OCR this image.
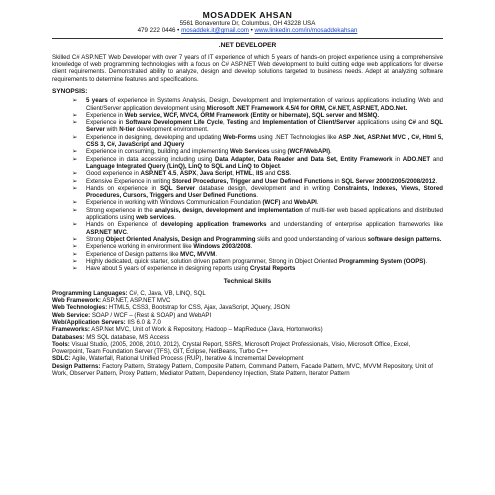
MOSADDEK AHSAN
5561 Bonaventure Dr, Columbus, OH 43228 USA
479 222 0446 • mosaddek.it@gmail.com • www.linkedin.com/in/mosaddekahsan
.NET DEVELOPER
Skilled C# ASP.NET Web Developer with over 7 years of IT experience of which 5 years of hands-on project experience using a comprehensive knowledge of web programming technologies with a focus on C# ASP.NET Web development to build cutting edge web applications for diverse client requirements. Demonstrated ability to analyze, design and develop solutions targeted to business needs. Adept at analyzing software requirements to determine features and specifications.
SYNOPSIS:
➢ 5 years of experience in Systems Analysis, Design, Development and Implementation of various applications including Web and Client/Server application development using Microsoft .NET Framework 4.5/4 for ORM, C#.NET, ASP.NET, ADO.Net.
➢ Experience in Web service, WCF, MVC4, ORM Framework (Entity or hibernate), SQL server and MSMQ.
➢ Experience in Software Development Life Cycle, Testing and Implementation of Client/Server applications using C# and SQL Server with N-tier development environment.
➢ Experience in designing, developing and updating Web-Forms using .NET Technologies like ASP .Net, ASP.Net MVC , C#, Html 5, CSS 3, C#, JavaScript and JQuery
➢ Experience in consuming, building and implementing Web Services using (WCF/WebAPI).
➢ Experience in data accessing including using Data Adapter, Data Reader and Data Set, Entity Framework in ADO.NET and Language Integrated Query (LinQ), LinQ to SQL and LinQ to Object.
➢ Good experience in ASP.NET 4.5, ASPX, Java Script, HTML, IIS and CSS.
➢ Extensive Experience in writing Stored Procedures, Trigger and User Defined Functions in SQL Server 2000/2005/2008/2012.
➢ Hands on experience in SQL Server database design, development and in writing Constraints, Indexes, Views, Stored Procedures, Cursors, Triggers and User Defined Functions.
➢ Experience in working with Windows Communication Foundation (WCF) and WebAPI.
➢ Strong experience in the analysis, design, development and implementation of multi-tier web based applications and distributed applications using web services.
➢ Hands on Experience of developing application frameworks and understanding of enterprise application frameworks like ASP.NET MVC.
➢ Strong Object Oriented Analysis, Design and Programming skills and good understanding of various software design patterns.
➢ Experience working in environment like Windows 2003/2008.
➢ Experience of Design patterns like MVC, MVVM.
➢ Highly dedicated, quick starter, solution driven pattern programmer, Strong in Object Oriented Programming System (OOPS).
➢ Have about 5 years of experience in designing reports using Crystal Reports
Technical Skills
Programming Languages: C#, C, Java, VB, LINQ, SQL
Web Framework: ASP.NET, ASP.NET MVC
Web Technologies: HTML5, CSS3, Bootstrap for CSS, Ajax, JavaScript, JQuery, JSON
Web Service: SOAP / WCF – (Rest & SOAP) and WebAPI
Web/Application Servers: IIS 6.0 & 7.0
Frameworks: ASP.Net MVC, Unit of Work & Repository, Hadoop – MapReduce (Java, Hortonworks)
Databases: MS SQL database, MS Access
Tools: Visual Studio, (2005, 2008, 2010, 2012), Crystal Report, SSRS, Microsoft Project Professionals, Visio, Microsoft Office, Excel, Powerpoint, Team Foundation Server (TFS), GIT, Eclipse, NetBeans, Turbo C++
SDLC: Agile, Waterfall, Rational Unified Process (RUP), Iterative & Incremental Development
Design Patterns: Factory Pattern, Strategy Pattern, Composite Pattern, Command Pattern, Facade Pattern, MVC, MVVM Repository, Unit of Work, Observer Pattern, Proxy Pattern, Mediator Pattern, Dependency Injection, State Pattern, Iterator Pattern
